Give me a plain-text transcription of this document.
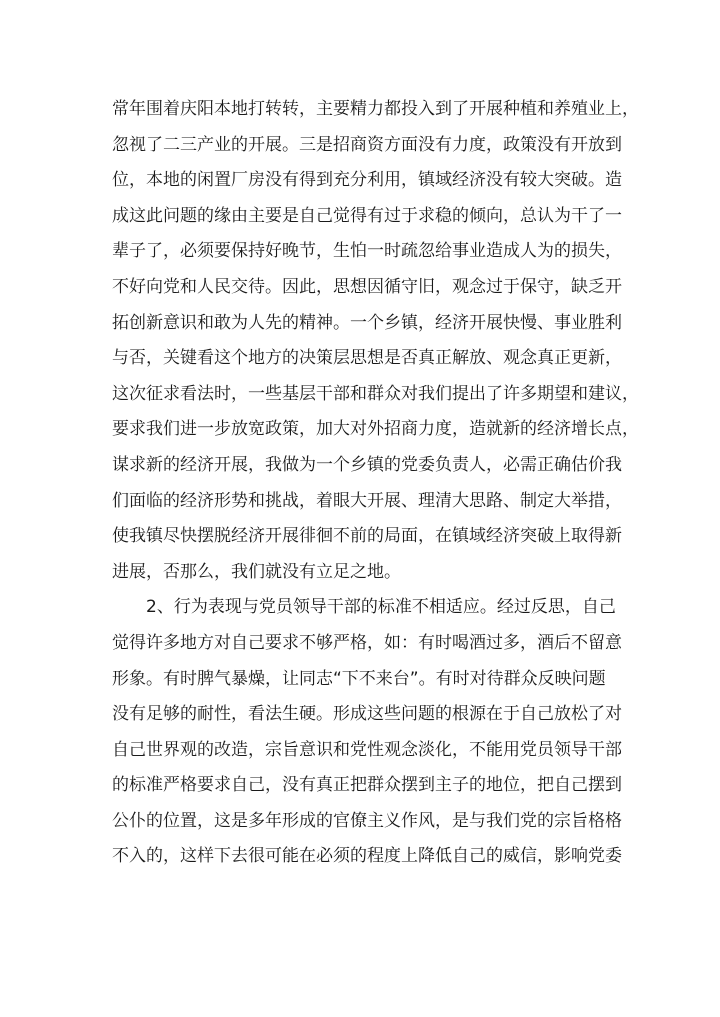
常年围着庆阳本地打转转，主要精力都投入到了开展种植和养殖业上，
忽视了二三产业的开展。三是招商资方面没有力度，政策没有开放到
位，本地的闲置厂房没有得到充分利用，镇域经济没有较大突破。造
成这此问题的缘由主要是自己觉得有过于求稳的倾向，总认为干了一
辈子了，必须要保持好晚节，生怕一时疏忽给事业造成人为的损失，
不好向党和人民交待。因此，思想因循守旧，观念过于保守，缺乏开
拓创新意识和敢为人先的精神。一个乡镇，经济开展快慢、事业胜利
与否，关键看这个地方的决策层思想是否真正解放、观念真正更新，
这次征求看法时，一些基层干部和群众对我们提出了许多期望和建议，
要求我们进一步放宽政策，加大对外招商力度，造就新的经济增长点，
谋求新的经济开展，我做为一个乡镇的党委负责人，必需正确估价我
们面临的经济形势和挑战，着眼大开展、理清大思路、制定大举措，
使我镇尽快摆脱经济开展徘徊不前的局面，在镇域经济突破上取得新
进展，否那么，我们就没有立足之地。
2、行为表现与党员领导干部的标准不相适应。经过反思，自己
觉得许多地方对自己要求不够严格，如：有时喝酒过多，酒后不留意
形象。有时脾气暴燥，让同志“下不来台”。有时对待群众反映问题
没有足够的耐性，看法生硬。形成这些问题的根源在于自己放松了对
自己世界观的改造，宗旨意识和党性观念淡化，不能用党员领导干部
的标准严格要求自己，没有真正把群众摆到主子的地位，把自己摆到
公仆的位置，这是多年形成的官僚主义作风，是与我们党的宗旨格格
不入的，这样下去很可能在必须的程度上降低自己的威信，影响党委
